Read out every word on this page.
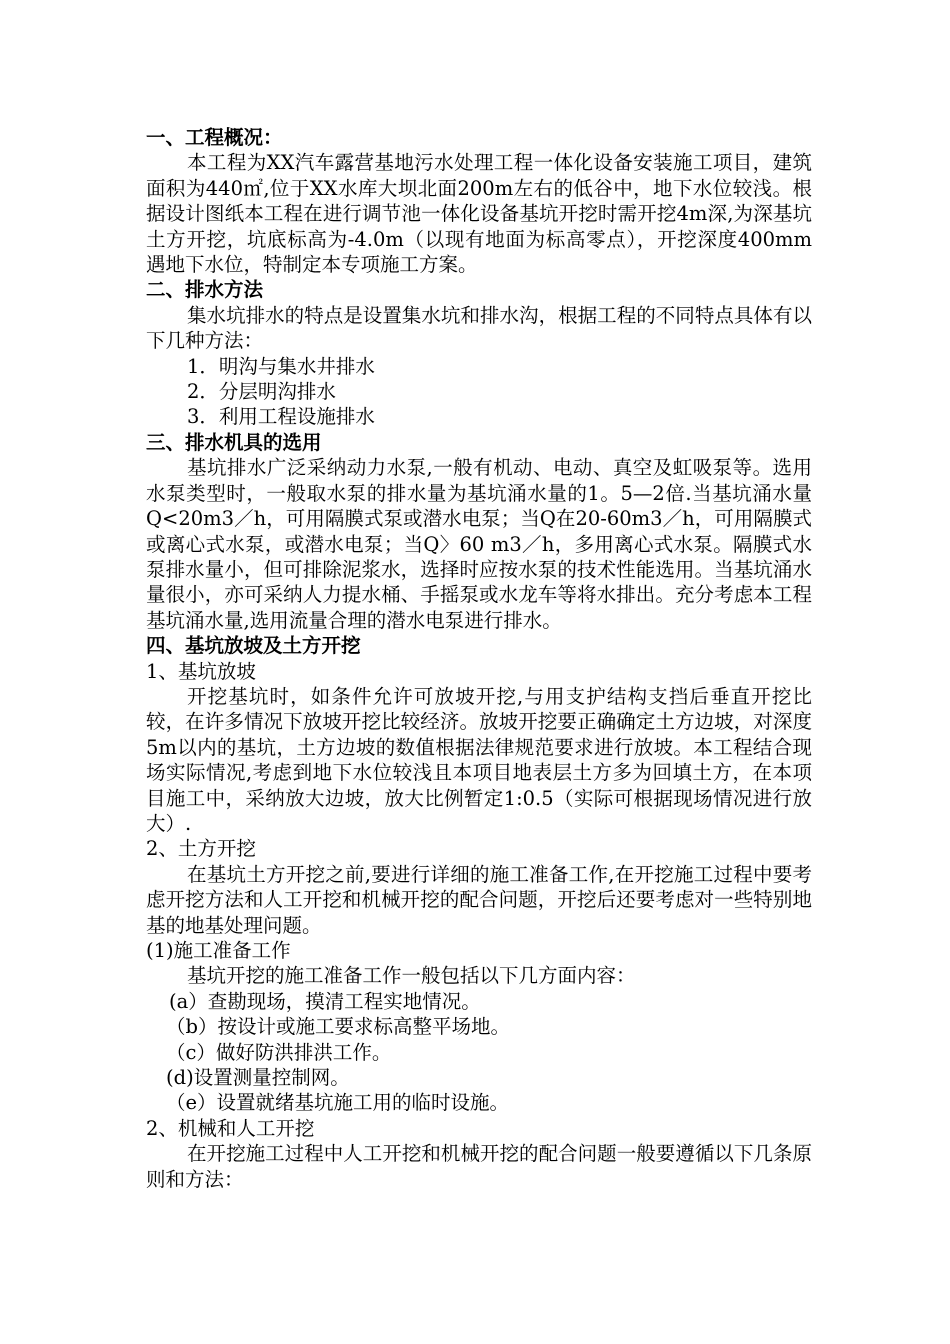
一、工程概况：

本工程为XX汽车露营基地污水处理工程一体化设备安装施工项目，建筑面积为440㎡,位于XX水库大坝北面200m左右的低谷中，地下水位较浅。根据设计图纸本工程在进行调节池一体化设备基坑开挖时需开挖4m深,为深基坑土方开挖，坑底标高为-4.0m（以现有地面为标高零点），开挖深度400mm遇地下水位，特制定本专项施工方案。

二、排水方法

集水坑排水的特点是设置集水坑和排水沟，根据工程的不同特点具体有以下几种方法：

1．明沟与集水井排水

2．分层明沟排水

3．利用工程设施排水

三、排水机具的选用

基坑排水广泛采纳动力水泵,一般有机动、电动、真空及虹吸泵等。选用水泵类型时，一般取水泵的排水量为基坑涌水量的1。5—2倍.当基坑涌水量Q<20m3／h，可用隔膜式泵或潜水电泵；当Q在20-60m3／h，可用隔膜式或离心式水泵，或潜水电泵；当Q〉60 m3／h，多用离心式水泵。隔膜式水泵排水量小，但可排除泥浆水，选择时应按水泵的技术性能选用。当基坑涌水量很小，亦可采纳人力提水桶、手摇泵或水龙车等将水排出。充分考虑本工程基坑涌水量,选用流量合理的潜水电泵进行排水。

四、基坑放坡及土方开挖

1、基坑放坡

开挖基坑时，如条件允许可放坡开挖,与用支护结构支挡后垂直开挖比较，在许多情况下放坡开挖比较经济。放坡开挖要正确确定土方边坡，对深度5m以内的基坑，土方边坡的数值根据法律规范要求进行放坡。本工程结合现场实际情况,考虑到地下水位较浅且本项目地表层土方多为回填土方，在本项目施工中，采纳放大边坡，放大比例暂定1:0.5（实际可根据现场情况进行放大）.

2、土方开挖

在基坑土方开挖之前,要进行详细的施工准备工作,在开挖施工过程中要考虑开挖方法和人工开挖和机械开挖的配合问题，开挖后还要考虑对一些特别地基的地基处理问题。

(1)施工准备工作

基坑开挖的施工准备工作一般包括以下几方面内容：

(a）查勘现场，摸清工程实地情况。

（b）按设计或施工要求标高整平场地。

（c）做好防洪排洪工作。

(d)设置测量控制网。

（e）设置就绪基坑施工用的临时设施。

2、机械和人工开挖

在开挖施工过程中人工开挖和机械开挖的配合问题一般要遵循以下几条原则和方法：
